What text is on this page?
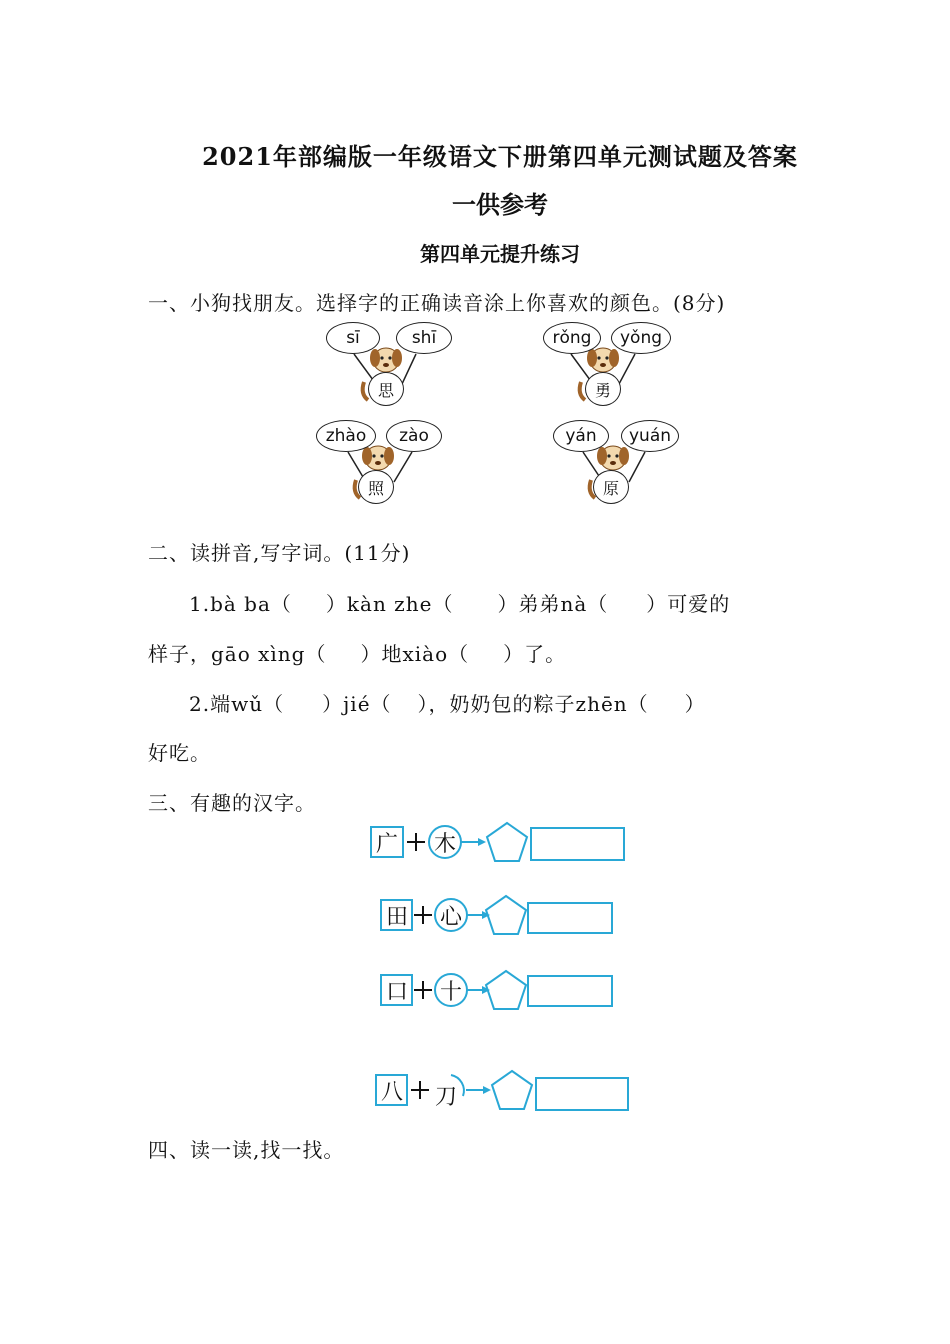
2021年部编版一年级语文下册第四单元测试题及答案
一供参考
第四单元提升练习
一、小狗找朋友。选择字的正确读音涂上你喜欢的颜色。(8分)
sī	shī
思
rǒng	yǒng
勇
zhào	zào
照
yán	yuán
原
二、读拼音,写字词。(11分)
1.bà ba（ ）kàn zhe（ ）弟弟nà（ ）可爱的
样子，gāo xìng（ ）地xiào（ ）了。
2.端wǔ（ ）jié（ ），奶奶包的粽子zhēn（ ）
好吃。
三、有趣的汉字。
广 木
田 心
口 十
八 刀
四、读一读,找一找。
